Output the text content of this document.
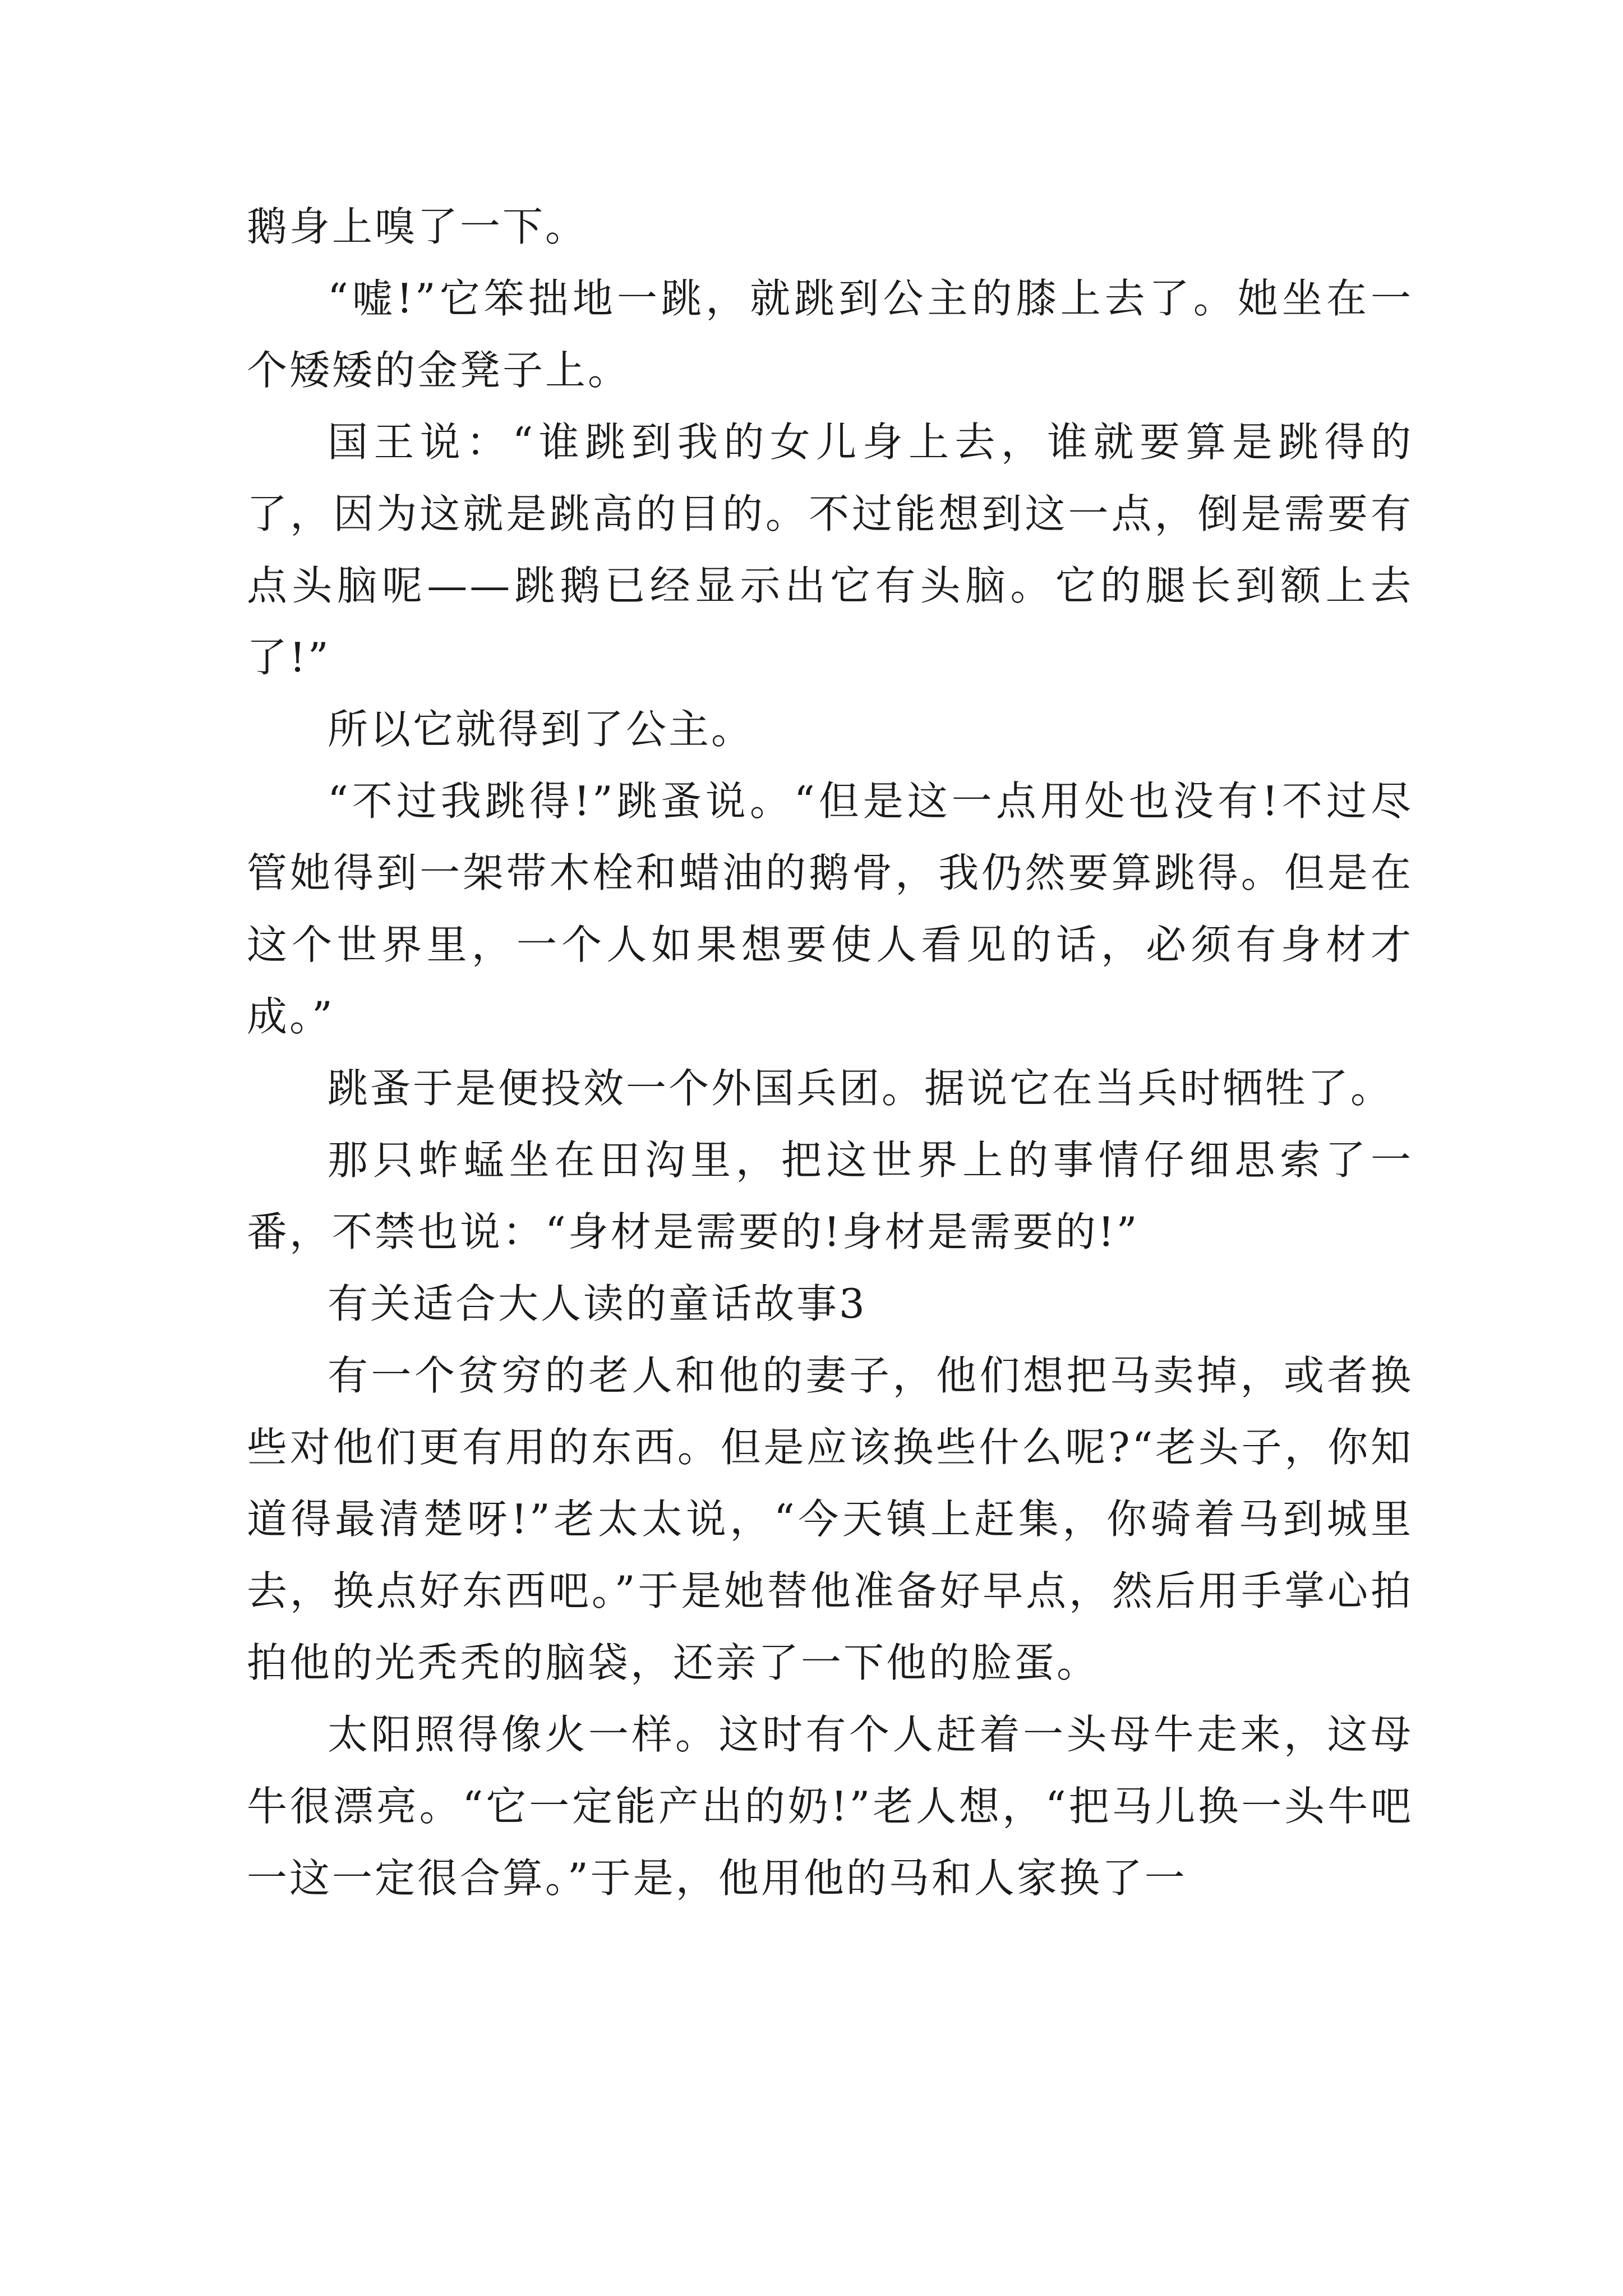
鹅身上嗅了一下。

“嘘!”它笨拙地一跳，就跳到公主的膝上去了。她坐在一个矮矮的金凳子上。

国王说：“谁跳到我的女儿身上去，谁就要算是跳得的了，因为这就是跳高的目的。不过能想到这一点，倒是需要有点头脑呢——跳鹅已经显示出它有头脑。它的腿长到额上去了!”

所以它就得到了公主。

“不过我跳得!”跳蚤说。“但是这一点用处也没有!不过尽管她得到一架带木栓和蜡油的鹅骨，我仍然要算跳得。但是在这个世界里，一个人如果想要使人看见的话，必须有身材才成。”

跳蚤于是便投效一个外国兵团。据说它在当兵时牺牲了。

那只蚱蜢坐在田沟里，把这世界上的事情仔细思索了一番，不禁也说：“身材是需要的!身材是需要的!”

有关适合大人读的童话故事3

有一个贫穷的老人和他的妻子，他们想把马卖掉，或者换些对他们更有用的东西。但是应该换些什么呢?“老头子，你知道得最清楚呀!”老太太说，“今天镇上赶集，你骑着马到城里去，换点好东西吧。”于是她替他准备好早点，然后用手掌心拍拍他的光秃秃的脑袋，还亲了一下他的脸蛋。

太阳照得像火一样。这时有个人赶着一头母牛走来，这母牛很漂亮。“它一定能产出的奶!”老人想，“把马儿换一头牛吧一这一定很合算。”于是，他用他的马和人家换了一
